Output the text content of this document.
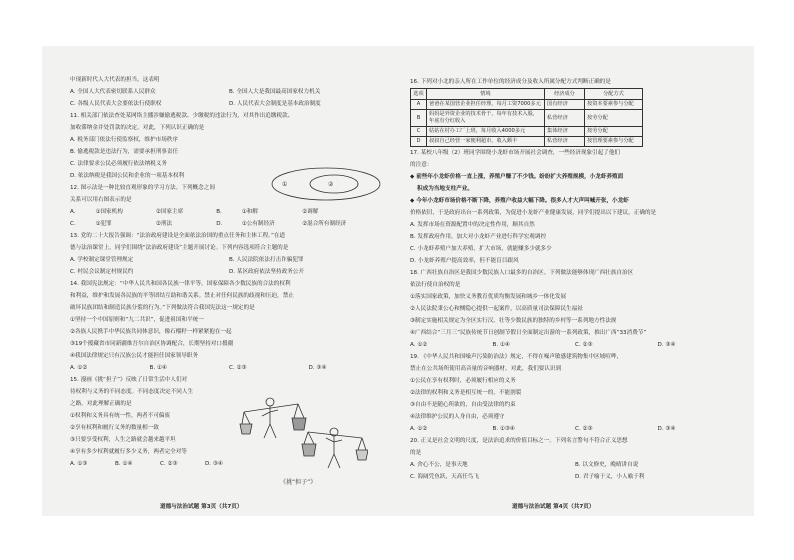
中现新时代人大代表的担当。这表明
A. 全国人大代表密切联系人民群众	B. 全国人大是我国最高国家权力机关
C. 各级人民代表大会要依法行使职权	D. 人民代表大会制度是基本政治制度
11. 相关部门依法查处某网络主播涉嫌偷逃税款、少缴税的违法行为，对其作出追缴税款、
加收滞纳金并处罚款的决定。对此，下列认识正确的是
A. 税务部门依法行使监察权，维护市场秩序
B. 偷逃税款是违法行为，需要承担刑事责任
C. 法律要求公民必须履行依法纳税义务
D. 依法纳税是我国公民和企业的一项基本权利
12. 图示法是一种比较直观形象的学习方法。下列概念之间
关系可以用右图表示的是
A.	①国家机构	②国家主席	B.	①和解	②调解
C.	①犯罪	②刑法	D.	①公有制经济	②混合所有制经济
13. 党的二十大报告强调：“法治政府建设是全面依法治国的重点任务和主体工程。”在道
德与法治课堂上，同学们围绕“法治政府建设”主题开展讨论。下列内容选项符合主题的是
A. 学校制定课堂管理规定	B. 人民法院依法打击诈骗犯罪
C. 村民会议制定村规民约	D. 某区政府依法坚持政务公开
14. 我国宪法规定：“中华人民共和国各民族一律平等。国家保障各少数民族的合法的权利
和利益，维护和发展各民族的平等团结互助和谐关系。禁止对任何民族的歧视和压迫，禁止
破坏民族团结和制造民族分裂的行为。”下列做法符合我国宪法这一规定的是
①坚持一个中国原则和“九二共识”，促进祖国和平统一
②各族人民携手中华民族共同体意识，像石榴籽一样紧紧抱在一起
③19个援藏省市同新疆维吾尔自治区协调配合，长期坚持对口援疆
④我国法律规定只有汉族公民才能担任国家领导职务
A. ①②	B. ①④	C. ②③	D. ③④
15. 漫画《挑“担子”》反映了日常生活中人们对
待权利与义务的不同态度。不同态度决定不同人生
之路。对此理解正确的是
①权利和义务具有统一性，两者不可偏废
②享有权利和履行义务的数量相一致
③只要享受权利，人生之路就会越来越平坦
④享有多少权利就履行多少义务，两者完全对等
A. ①③	B. ①④	C. ②③	D. ③④
①	②
《挑“担子”》
道德与法治试题 第3页（共7页）
16. 下列对小北的亲人所在工作单位的经济成分及收入所属分配方式判断正确的是
选项	情境	经济成分	分配方式
A	爸爸在某国营企业担任经理，每月工资7000多元	国有经济	按资本要素参与分配
B	妈妈是外资企业的技术骨干，每年有技术入股，年底有分红收入	私营经济	按劳分配
C	姑姑在村办工厂上班，每月收入4000多元	集体经济	按劳分配
D	叔叔自己经营一家便利超市，收入颇丰	私营经济	按管理要素参与分配
17. 某校八年级（2）班同学围绕小龙虾市场开展社会调查，一些经济现象引起了他们
的注意：
◆ 前些年小龙虾价格一直上涨，养殖户赚了不少钱。纷纷扩大养殖规模，小龙虾养殖面
积成为当地支柱产业。
◆ 今年小龙虾市场价格不断下降，养殖户收益大幅下降。很多人才大声叫喊开张，小龙虾
价格依旧，于是政府出台一系列政策，为促进小龙虾产业健康发展，同学们提出以下建议，正确的是
A. 发挥市场在资源配置中的决定性作用，顺其自然
B. 发挥政府作用，加大对小龙虾产业进行科学宏观调控
C. 小龙虾养殖户加大养殖，扩大市场，就能赚多少就多少
D. 小龙虾养殖户提高效率，但不能盲目跟风
18. 广西壮族自治区是我国少数民族人口最多的自治区。下列做法能够体现广西壮族自治区
依法行使自治权的是
①落实国家政策，加快义务教育优质均衡发展和城乡一体化发展
②人民法院秉公心和恻隐心提供一起案件，以高质量司法保障民生福祉
③制定实施相关规定为全区实行汉、壮等少数民族的独特的乡村等一系列地方性法规
④广西结合“三月三”民族传统节日创制节假日全面制定出游的一系列政策，推出广西“33消费节”
A. ①②	B. ①④	C. ②③	D. ③④
19. 《中华人民共和国噪声污染防治法》规定，不得在噪声敏感建筑物集中区域喧哗，
禁止在公共场所使用高音量的音响器材。对此，我们要认识到
①公民在享有权利时，必须履行相应的义务
②法律的权利和义务是相互统一的，不能割裂
③自由不是随心所欲的，自由受法律的约束
④法律维护公民的人身自由，必须遵守
A. ①②	B. ①③④	C. ②③	D. ③④
20. 正义是社会文明的尺度，是法治追求的价值目标之一。下列名言警句不符合正义思想
的是
A. 舍心不公，是事天地	B. 以文修史，晚晴讲自说
C. 海阔凭鱼跃，天高任鸟飞	D. 君子喻于义，小人喻于利
道德与法治试题 第4页（共7页）
